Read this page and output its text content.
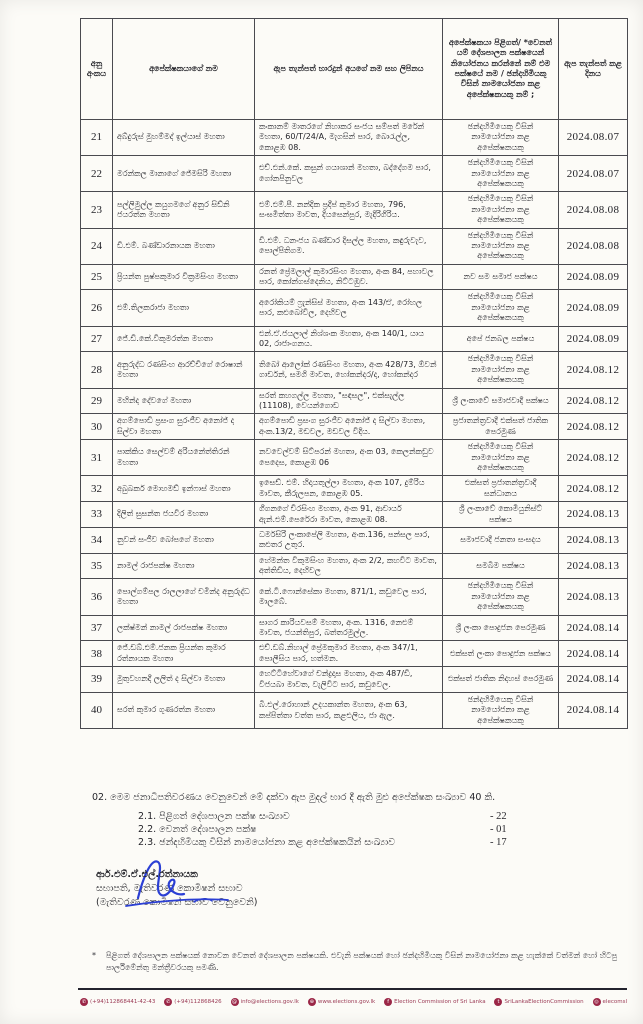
අනු අංකය	අපේක්ෂකයාගේ නම	ඇප තැන්පත් භාරදුන් අයගේ නම සහ ලිපිනය	අපේක්ෂකයා පිළිගත්/ *වෙනත් යම් දේශපාලන පක්ෂයෙන් නියෝජනය කරන්නේ නම් එම පක්ෂයේ නම / ඡන්දහිමියකු විසින් නාමයෝජනා කළ අපේක්ෂකයකු නම් ;	ඇප තැන්පත් කළ දිනය
21	අබ්දුරුස් මුහම්මද් ඉල්යාස් මහතා	කංකානම් මාතරගේ නිහාකර සංජය සම්පත් මරේන් මහතා, 60/T/24/A, මැගසින් පාර, බොරැල්ල, කොළඹ 08.	ඡන්දහිමියෙකු විසින් නාමයෝජනා කළ අපේක්ෂකයකු	2024.08.07
22	මරන්කල මානාගේ ජේමසිරි මහතා	එච්.එන්.කේ. කසුන් ගයාශාන් මහතා, බද්දේගම පාර, ගෝනපිනුවල	ඡන්දහිමියෙකු විසින් නාමයෝජනා කළ අපේක්ෂකයකු	2024.08.07
23	පල්ලිමුල්ල කයුගමගේ අනුර සිඩ්නි ජයරත්න මහතා	එම්.එම්.පී. නන්දික ප්‍රදීප් කුමාර මහතා, 796, සංඝමිත්තා මාවත, දියසෙන්පුර, මැදිරිගිරිය.	ඡන්දහිමියෙකු විසින් නාමයෝජනා කළ අපේක්ෂකයකු	2024.08.08
24	ඩී.එම්. බණ්ඩාරනායක මහතා	ඩී.එම්. ධනංජය බණ්ඩාර දිසල්ල මහතා, කඳුරුවැව, පොල්පිතිගම.	ඡන්දහිමියෙකු විසින් නාමයෝජනා කළ අපේක්ෂකයකු	2024.08.08
25	ප්‍රියන්ත පුෂ්පකුමාර වික්‍රමසිංහ මහතා	රනත් ප්‍රේමලාල් කුමාරසිංහ මහතා, අංක 84, පහාවල පාර, කෝන්ගස්දෙනිය, නිට්ටඹුව.	නව සම සමාජ පක්ෂය	2024.08.09
26	එම්.තිලකරාජා මහතා	අරෝකියම් ෆ්‍රැන්සිස් මහතා, අංක 143/ඒ, රෝහල පාර, කළුබෝවිල, දෙහිවල	ඡන්දහිමියෙකු විසින් නාමයෝජනා කළ අපේක්ෂකයකු	2024.08.09
27	ජේ.ඩී.කේ.විකුමරත්න මහතා	එන්.ඒ.ජයලාල් නිශ්ශංක මහතා, අංක 140/1, යාය 02, රාජාංගනය.	අපේ ජනබල පක්ෂය	2024.08.09
28	අනුරුද්ධ රණසිංහ ආරච්චිගේ රොෂාන් මහතා	තිබෝ ආලෝක් රණසිංහ මහතා, අංක 428/73, ඕවන් ගාර්ඩන්, සමගි මාවත, හෝකන්දර/ද, හෝකන්දර	ඡන්දහිමියෙකු විසින් නාමයෝජනා කළ අපේක්ෂකයකු	2024.08.12
29	මහින්ද දේවගේ මහතා	සරත් කහගල්ල මහතා, "සඳසල", එක්සැල්ල (11108), වෙයන්ගොඩ	ශ්‍රී ලංකාවේ සමාජවාදී පක්ෂය	2024.08.12
30	අගම්පොඩි ප්‍රසංග සුරංජීව අනෝජ් ද සිල්වා මහතා	අගම්පොඩි ප්‍රසංග සුරංජීව අනෝජ් ද සිල්වා මහතා, අංක.13/2, මඩවල, මඩවල වීදිය.	ප්‍රජාතන්ත්‍රවාදී එක්සත් ජාතික පෙරමුණ	2024.08.12
31	පාක්කිය සෙල්වම් අරියනේත්තිරන් මහතා	නවවෙල්වම් සිට්පරන් මහතා, අංක 03, කෙලන්කඩුව පෙදෙස, කොළඹ 06	ඡන්දහිමියෙකු විසින් නාමයෝජනා කළ අපේක්ෂකයකු	2024.08.12
32	අබුබකර් මොහමඩ් ඉන්ෆාස් මහතා	ඉසෙඩ්. එම්. හිදායතුල්ලා මහතා, අංක 107, දුම්රිය මාවත, කීරුලපන, කොළඹ 05.	එක්සත් ප්‍රජාතන්ත්‍රවාදී සන්ධානය	2024.08.12
33	දිලිත් සුසන්ත ජයවීර මහතා	ගීගනගේ චිරසිංහ මහතා, අංක 91, ආචාර්ය ඇන්.එම්.පෙරේරා මාවත, කොළඹ 08.	ශ්‍රී ලංකාවේ කොමියුනිස්ට් පක්ෂය	2024.08.13
34	නුවන් සංජීව බෝපගේ මහතා	ධර්මසිරි ලංකාපේලි මහතා, අංක.136, පන්සල පාර, කළුතර උතුර.	සමාජවාදී ජනතා සංසදය	2024.08.13
35	නාමල් රාජපක්ෂ මහතා	හේමන්ත විකුමසිංහ මහතා, අංක 2/2, කහවිට මාවත, අත්තිඩිය, දෙහිවල	සමබිම පක්ෂය	2024.08.13
36	පොල්ගම්පල රාලලාගේ චමින්ද අනුරුද්ධ මහතා	කේ.ටී.ෆොන්සේකා මහතා, 871/1, කඩුවෙල පාර, මාලබේ.	ඡන්දහිමියෙකු විසින් නාමයෝජනා කළ අපේක්ෂකයකු	2024.08.13
37	ලක්ෂ්මන් නාමල් රාජපක්ෂ මහතා	සාගර කාරියවසම් මහතා, අංක. 1316, නෙළුම් මාවත, ජයන්තිපුර, බත්තරමුල්ල.	ශ්‍රී ලංකා පොදුජන පෙරමුණ	2024.08.14
38	ජේ.ඩබ්.එම්.ජනක ප්‍රියන්ත කුමාර රත්නායක මහතා	එච්.ඩබ්.නිහාල් ප්‍රේමකුමාර මහතා, අංක 347/1, පොලීසිය පාර, හත්මන.	එක්සත් ලංකා පොදුජන පක්ෂය	2024.08.14
39	මුතුවහනදී ලලිත් ද සිල්වා මහතා	හෙට්ටිහේවාගේ චන්ද්‍රදාස මහතා, අංක 487/ඩී, විජයබා මාවත, වැලිවිට පාර, කඩුවෙල.	එක්සත් ජාතික නිදහස් පෙරමුණ	2024.08.14
40	සරත් කුමාර ගුණරත්න මහතා	බී.එල්.රොහාන් උදයකාන්ත මහතා, අංක 63, කප්පිත්තා වත්ත පාර, කළඑලිය, ජා ඇල.	ඡන්දහිමියෙකු විසින් නාමයෝජනා කළ අපේක්ෂකයකු	2024.08.14

02. මෙම ජනාධිපතිවරණය වෙනුවෙන් මේ දක්වා ඇප මුදල් භාර දී ඇති මුළු අපේක්ෂක සංඛ්‍යාව 40 කි.

2.1. පිළිගත් දේශපාලන පක්ෂ සංඛ්‍යාව	- 22
2.2. වෙනත් දේශපාලන පක්ෂ	- 01
2.3. ඡන්දහිමියකු විසින් නාමයෝජනා කළ අපේක්ෂකයින් සංඛ්‍යාව	- 17
ආර්.එම්.ඒ.එල්.රත්නායක
සභාපති, මැතිවරණ කොමිෂන් සභාව
(මැතිවරණ කොමිෂන් සභාව වෙනුවෙනි)
*	පිළිගත් දේශපාලන පක්ෂයක් නොවන වෙනත් දේශපාලන පක්ෂයකි. එවැනි පක්ෂයක් හෝ ඡන්දහිමියකු විසින් නාමයෝජනා කළ හැක්කේ වත්මන් හෝ හිටපු පාර්ලිමේන්තු මන්ත්‍රීවරයකු පමණි.
✆ (+94)112868441-42-43	✆ (+94)112868426	@ info@elections.gov.lk	⊕ www.elections.gov.lk	f Election Commission of Sri Lanka	t SriLankaElectionCommission	◎ elecomsl
